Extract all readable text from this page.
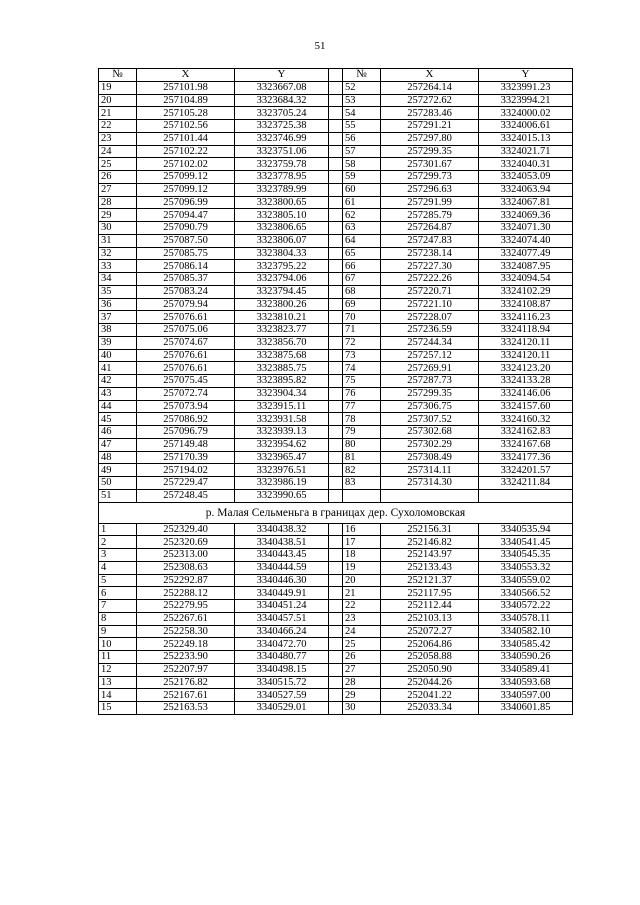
51
№	X	Y		№	X	Y
19	257101.98	3323667.08		52	257264.14	3323991.23
20	257104.89	3323684.32		53	257272.62	3323994.21
21	257105.28	3323705.24		54	257283.46	3324000.02
22	257102.56	3323725.38		55	257291.21	3324006.61
23	257101.44	3323746.99		56	257297.80	3324015.13
24	257102.22	3323751.06		57	257299.35	3324021.71
25	257102.02	3323759.78		58	257301.67	3324040.31
26	257099.12	3323778.95		59	257299.73	3324053.09
27	257099.12	3323789.99		60	257296.63	3324063.94
28	257096.99	3323800.65		61	257291.99	3324067.81
29	257094.47	3323805.10		62	257285.79	3324069.36
30	257090.79	3323806.65		63	257264.87	3324071.30
31	257087.50	3323806.07		64	257247.83	3324074.40
32	257085.75	3323804.33		65	257238.14	3324077.49
33	257086.14	3323795.22		66	257227.30	3324087.95
34	257085.37	3323794.06		67	257222.26	3324094.54
35	257083.24	3323794.45		68	257220.71	3324102.29
36	257079.94	3323800.26		69	257221.10	3324108.87
37	257076.61	3323810.21		70	257228.07	3324116.23
38	257075.06	3323823.77		71	257236.59	3324118.94
39	257074.67	3323856.70		72	257244.34	3324120.11
40	257076.61	3323875.68		73	257257.12	3324120.11
41	257076.61	3323885.75		74	257269.91	3324123.20
42	257075.45	3323895.82		75	257287.73	3324133.28
43	257072.74	3323904.34		76	257299.35	3324146.06
44	257073.94	3323915.11		77	257306.75	3324157.60
45	257086.92	3323931.58		78	257307.52	3324160.32
46	257096.79	3323939.13		79	257302.68	3324162.83
47	257149.48	3323954.62		80	257302.29	3324167.68
48	257170.39	3323965.47		81	257308.49	3324177.36
49	257194.02	3323976.51		82	257314.11	3324201.57
50	257229.47	3323986.19		83	257314.30	3324211.84
51	257248.45	3323990.65				
р. Малая Сельменьга в границах дер. Сухоломовская						
1	252329.40	3340438.32		16	252156.31	3340535.94
2	252320.69	3340438.51		17	252146.82	3340541.45
3	252313.00	3340443.45		18	252143.97	3340545.35
4	252308.63	3340444.59		19	252133.43	3340553.32
5	252292.87	3340446.30		20	252121.37	3340559.02
6	252288.12	3340449.91		21	252117.95	3340566.52
7	252279.95	3340451.24		22	252112.44	3340572.22
8	252267.61	3340457.51		23	252103.13	3340578.11
9	252258.30	3340466.24		24	252072.27	3340582.10
10	252249.18	3340472.70		25	252064.86	3340585.42
11	252233.90	3340480.77		26	252058.88	3340590.26
12	252207.97	3340498.15		27	252050.90	3340589.41
13	252176.82	3340515.72		28	252044.26	3340593.68
14	252167.61	3340527.59		29	252041.22	3340597.00
15	252163.53	3340529.01		30	252033.34	3340601.85
